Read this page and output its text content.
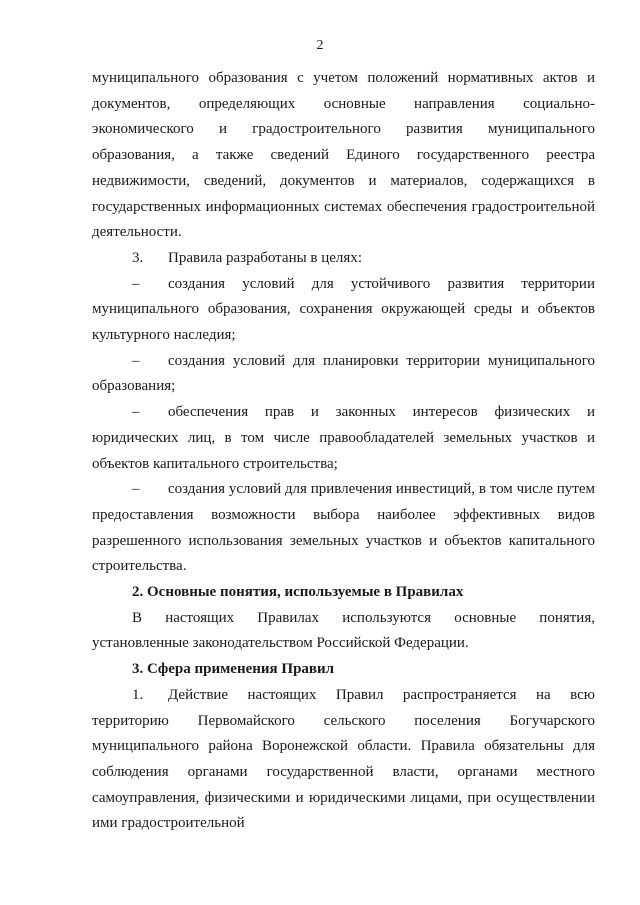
2

муниципального образования с учетом положений нормативных актов и документов, определяющих основные направления социально-экономического и градостроительного развития муниципального образования, а также сведений Единого государственного реестра недвижимости, сведений, документов и материалов, содержащихся в государственных информационных системах обеспечения градостроительной деятельности.

3. Правила разработаны в целях:

– создания условий для устойчивого развития территории муниципального образования, сохранения окружающей среды и объектов культурного наследия;

– создания условий для планировки территории муниципального образования;

– обеспечения прав и законных интересов физических и юридических лиц, в том числе правообладателей земельных участков и объектов капитального строительства;

– создания условий для привлечения инвестиций, в том числе путем предоставления возможности выбора наиболее эффективных видов разрешенного использования земельных участков и объектов капитального строительства.

2. Основные понятия, используемые в Правилах

В настоящих Правилах используются основные понятия, установленные законодательством Российской Федерации.

3. Сфера применения Правил

1. Действие настоящих Правил распространяется на всю территорию Первомайского сельского поселения Богучарского муниципального района Воронежской области. Правила обязательны для соблюдения органами государственной власти, органами местного самоуправления, физическими и юридическими лицами, при осуществлении ими градостроительной
